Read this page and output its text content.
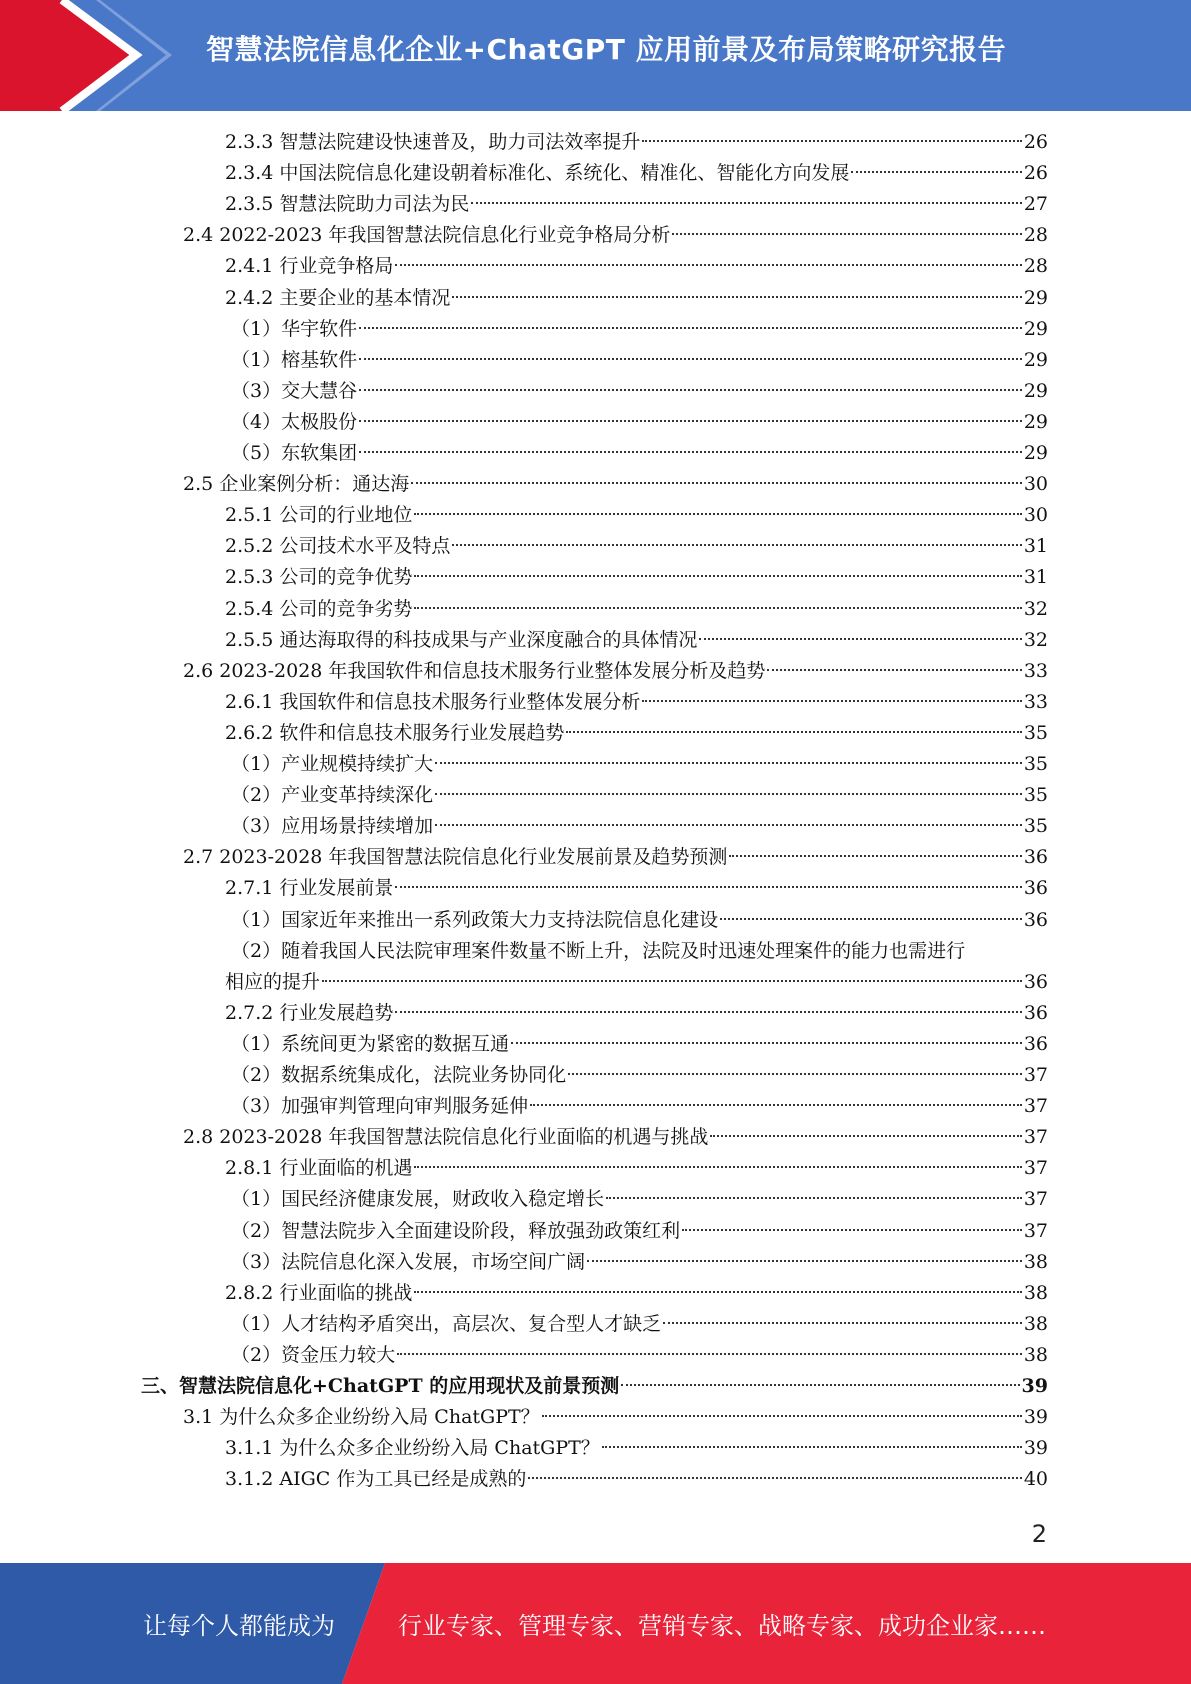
智慧法院信息化企业+ChatGPT 应用前景及布局策略研究报告
2.3.3 智慧法院建设快速普及，助力司法效率提升	26
2.3.4 中国法院信息化建设朝着标准化、系统化、精准化、智能化方向发展	26
2.3.5 智慧法院助力司法为民	27
2.4 2022-2023 年我国智慧法院信息化行业竞争格局分析	28
2.4.1 行业竞争格局	28
2.4.2 主要企业的基本情况	29
（1）华宇软件	29
（1）榕基软件	29
（3）交大慧谷	29
（4）太极股份	29
（5）东软集团	29
2.5 企业案例分析：通达海	30
2.5.1 公司的行业地位	30
2.5.2 公司技术水平及特点	31
2.5.3 公司的竞争优势	31
2.5.4 公司的竞争劣势	32
2.5.5 通达海取得的科技成果与产业深度融合的具体情况	32
2.6 2023-2028 年我国软件和信息技术服务行业整体发展分析及趋势	33
2.6.1 我国软件和信息技术服务行业整体发展分析	33
2.6.2 软件和信息技术服务行业发展趋势	35
（1）产业规模持续扩大	35
（2）产业变革持续深化	35
（3）应用场景持续增加	35
2.7 2023-2028 年我国智慧法院信息化行业发展前景及趋势预测	36
2.7.1 行业发展前景	36
（1）国家近年来推出一系列政策大力支持法院信息化建设	36
（2）随着我国人民法院审理案件数量不断上升，法院及时迅速处理案件的能力也需进行
相应的提升	36
2.7.2 行业发展趋势	36
（1）系统间更为紧密的数据互通	36
（2）数据系统集成化，法院业务协同化	37
（3）加强审判管理向审判服务延伸	37
2.8 2023-2028 年我国智慧法院信息化行业面临的机遇与挑战	37
2.8.1 行业面临的机遇	37
（1）国民经济健康发展，财政收入稳定增长	37
（2）智慧法院步入全面建设阶段，释放强劲政策红利	37
（3）法院信息化深入发展，市场空间广阔	38
2.8.2 行业面临的挑战	38
（1）人才结构矛盾突出，高层次、复合型人才缺乏	38
（2）资金压力较大	38
三、智慧法院信息化+ChatGPT 的应用现状及前景预测	39
3.1 为什么众多企业纷纷入局 ChatGPT？	39
3.1.1 为什么众多企业纷纷入局 ChatGPT？	39
3.1.2 AIGC 作为工具已经是成熟的	40
2
让每个人都能成为	行业专家、管理专家、营销专家、战略专家、成功企业家……
